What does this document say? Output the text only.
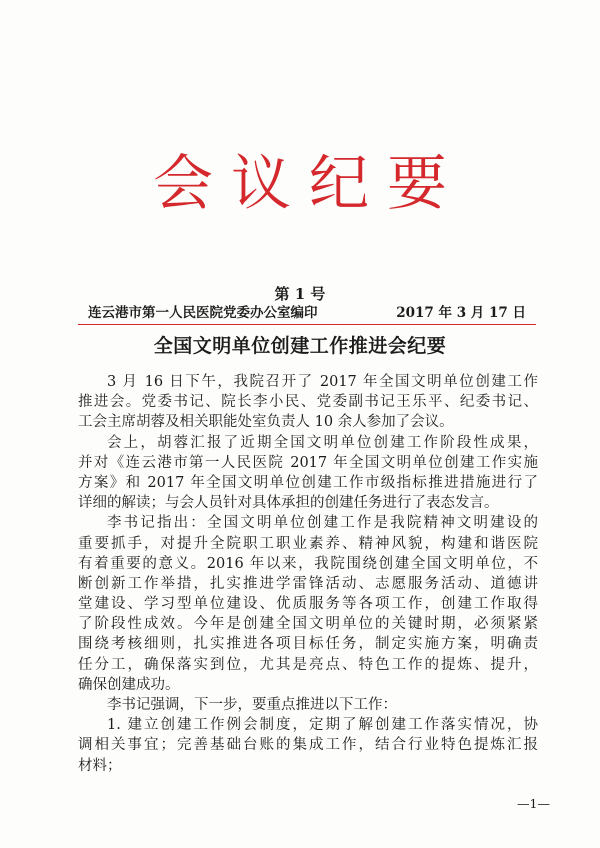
会议纪要
第 1 号
连云港市第一人民医院党委办公室编印	2017 年 3 月 17 日
全国文明单位创建工作推进会纪要
3 月 16 日下午，我院召开了 2017 年全国文明单位创建工作
推进会。党委书记、院长李小民、党委副书记王乐平、纪委书记、
工会主席胡蓉及相关职能处室负责人 10 余人参加了会议。
会上，胡蓉汇报了近期全国文明单位创建工作阶段性成果，
并对《连云港市第一人民医院 2017 年全国文明单位创建工作实施
方案》和 2017 年全国文明单位创建工作市级指标推进措施进行了
详细的解读；与会人员针对具体承担的创建任务进行了表态发言。
李书记指出：全国文明单位创建工作是我院精神文明建设的
重要抓手，对提升全院职工职业素养、精神风貌，构建和谐医院
有着重要的意义。2016 年以来，我院围绕创建全国文明单位，不
断创新工作举措，扎实推进学雷锋活动、志愿服务活动、道德讲
堂建设、学习型单位建设、优质服务等各项工作，创建工作取得
了阶段性成效。今年是创建全国文明单位的关键时期，必须紧紧
围绕考核细则，扎实推进各项目标任务，制定实施方案，明确责
任分工，确保落实到位，尤其是亮点、特色工作的提炼、提升，
确保创建成功。
李书记强调，下一步，要重点推进以下工作：
1. 建立创建工作例会制度，定期了解创建工作落实情况，协
调相关事宜；完善基础台账的集成工作，结合行业特色提炼汇报
材料；
—1—
